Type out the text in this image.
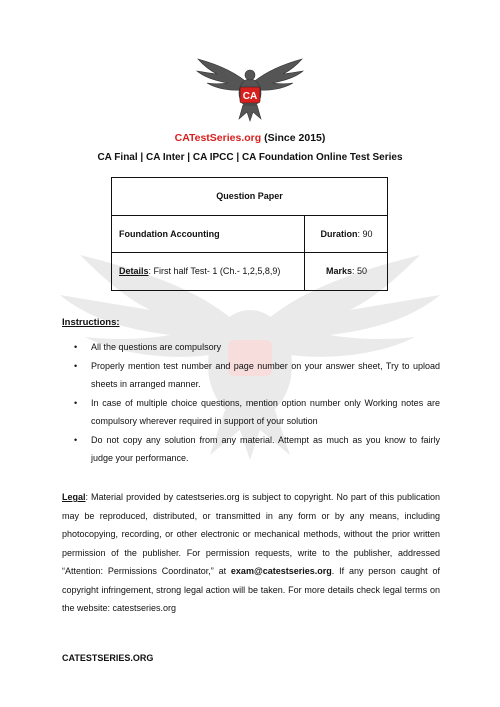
CA
CATestSeries.org (Since 2015)
CA Final | CA Inter | CA IPCC | CA Foundation Online Test Series
Question Paper
Foundation Accounting	Duration: 90
Details: First half Test- 1 (Ch.- 1,2,5,8,9)	Marks: 50
Instructions:
• All the questions are compulsory
• Properly mention test number and page number on your answer sheet, Try to upload sheets in arranged manner.
• In case of multiple choice questions, mention option number only Working notes are compulsory wherever required in support of your solution
• Do not copy any solution from any material. Attempt as much as you know to fairly judge your performance.
Legal: Material provided by catestseries.org is subject to copyright. No part of this publication may be reproduced, distributed, or transmitted in any form or by any means, including photocopying, recording, or other electronic or mechanical methods, without the prior written permission of the publisher. For permission requests, write to the publisher, addressed “Attention: Permissions Coordinator,” at exam@catestseries.org. If any person caught of copyright infringement, strong legal action will be taken. For more details check legal terms on the website: catestseries.org
CATESTSERIES.ORG
